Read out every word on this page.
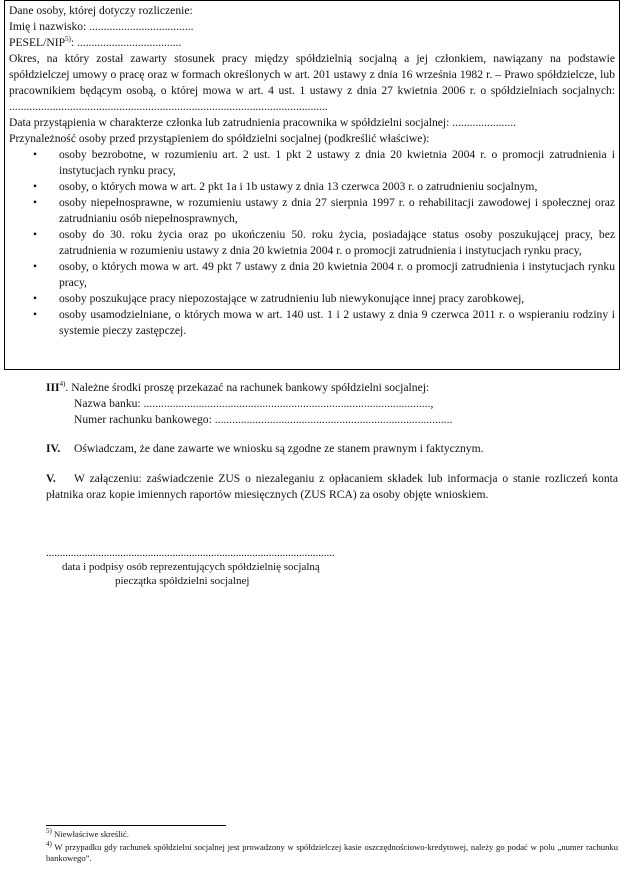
Dane osoby, której dotyczy rozliczenie:

Imię i nazwisko: ....................................

PESEL/NIP$^{5)}$: ....................................

Okres, na który został zawarty stosunek pracy między spółdzielnią socjalną a jej członkiem, nawiązany na podstawie spółdzielczej umowy o pracę oraz w formach określonych w art. 201 ustawy z dnia 16 września 1982 r. – Prawo spółdzielcze, lub pracownikiem będącym osobą, o której mowa w art. 4 ust. 1 ustawy z dnia 27 kwietnia 2006 r. o spółdzielniach socjalnych: ..............................................................................................................

Data przystąpienia w charakterze członka lub zatrudnienia pracownika w spółdzielni socjalnej: ......................

Przynależność osoby przed przystąpieniem do spółdzielni socjalnej (podkreślić właściwe):

• osoby bezrobotne, w rozumieniu art. 2 ust. 1 pkt 2 ustawy z dnia 20 kwietnia 2004 r. o promocji zatrudnienia i instytucjach rynku pracy,
• osoby, o których mowa w art. 2 pkt 1a i 1b ustawy z dnia 13 czerwca 2003 r. o zatrudnieniu socjalnym,
• osoby niepełnosprawne, w rozumieniu ustawy z dnia 27 sierpnia 1997 r. o rehabilitacji zawodowej i społecznej oraz zatrudnianiu osób niepełnosprawnych,
• osoby do 30. roku życia oraz po ukończeniu 50. roku życia, posiadające status osoby poszukującej pracy, bez zatrudnienia w rozumieniu ustawy z dnia 20 kwietnia 2004 r. o promocji zatrudnienia i instytucjach rynku pracy,
• osoby, o których mowa w art. 49 pkt 7 ustawy z dnia 20 kwietnia 2004 r. o promocji zatrudnienia i instytucjach rynku pracy,
• osoby poszukujące pracy niepozostające w zatrudnieniu lub niewykonujące innej pracy zarobkowej,
• osoby usamodzielniane, o których mowa w art. 140 ust. 1 i 2 ustawy z dnia 9 czerwca 2011 r. o wspieraniu rodziny i systemie pieczy zastępczej.
III$^{4)}$. Należne środki proszę przekazać na rachunek bankowy spółdzielni socjalnej:
Nazwa banku: ...................................................................................................,
Numer rachunku bankowego: ..................................................................................
IV. Oświadczam, że dane zawarte we wniosku są zgodne ze stanem prawnym i faktycznym.
V. W załączeniu: zaświadczenie ZUS o niezaleganiu z opłacaniem składek lub informacja o stanie rozliczeń konta płatnika oraz kopie imiennych raportów miesięcznych (ZUS RCA) za osoby objęte wnioskiem.
.........................................................................................................
data i podpisy osób reprezentujących spółdzielnię socjalną
pieczątka spółdzielni socjalnej
$^{5)}$ Niewłaściwe skreślić.
$^{4)}$ W przypadku gdy rachunek spółdzielni socjalnej jest prowadzony w spółdzielczej kasie oszczędnościowo-kredytowej, należy go podać w polu „numer rachunku bankowego”.
